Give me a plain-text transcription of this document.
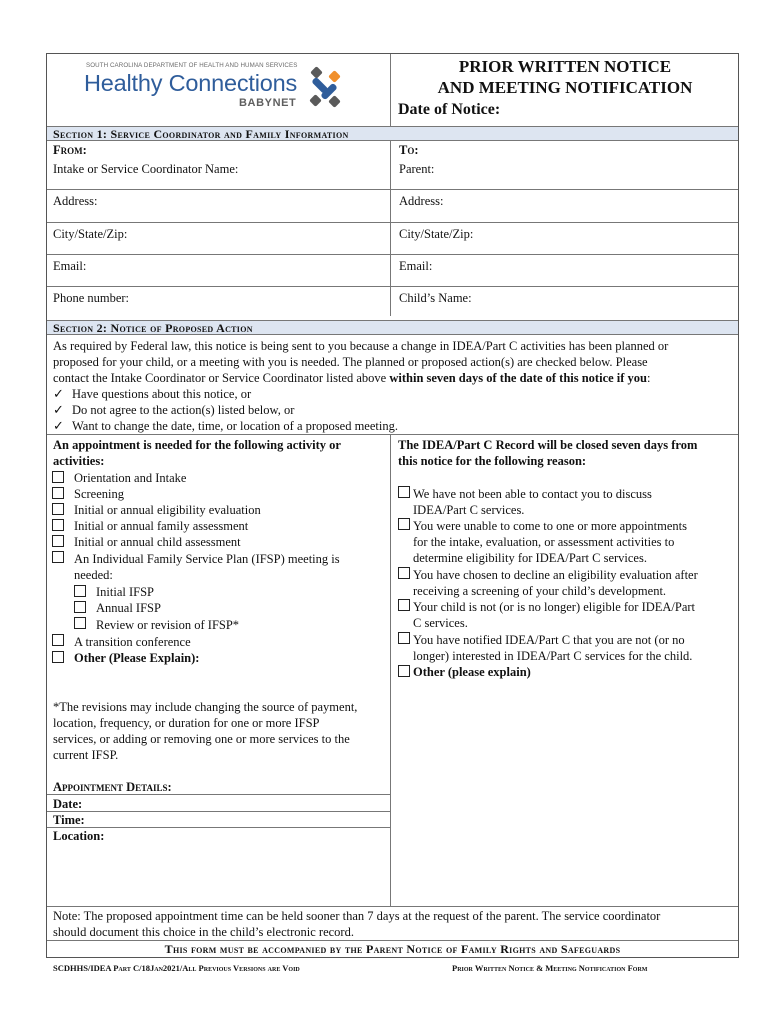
SOUTH CAROLINA DEPARTMENT OF HEALTH AND HUMAN SERVICES
Healthy Connections
BABYNET
PRIOR WRITTEN NOTICE
AND MEETING NOTIFICATION
Date of Notice:
Section 1: Service Coordinator and Family Information
From:	To:
Intake or Service Coordinator Name:	Parent:
Address:	Address:
City/State/Zip:	City/State/Zip:
Email:	Email:
Phone number:	Child’s Name:
Section 2: Notice of Proposed Action
As required by Federal law, this notice is being sent to you because a change in IDEA/Part C activities has been planned or
proposed for your child, or a meeting with you is needed. The planned or proposed action(s) are checked below. Please
contact the Intake Coordinator or Service Coordinator listed above within seven days of the date of this notice if you:
✓ Have questions about this notice, or
✓ Do not agree to the action(s) listed below, or
✓ Want to change the date, time, or location of a proposed meeting.
An appointment is needed for the following activity or
activities:
Orientation and Intake
Screening
Initial or annual eligibility evaluation
Initial or annual family assessment
Initial or annual child assessment
An Individual Family Service Plan (IFSP) meeting is
needed:
Initial IFSP
Annual IFSP
Review or revision of IFSP*
A transition conference
Other (Please Explain):
*The revisions may include changing the source of payment,
location, frequency, or duration for one or more IFSP
services, or adding or removing one or more services to the
current IFSP.
Appointment Details:
Date:
Time:
Location:
The IDEA/Part C Record will be closed seven days from
this notice for the following reason:
We have not been able to contact you to discuss
IDEA/Part C services.
You were unable to come to one or more appointments
for the intake, evaluation, or assessment activities to
determine eligibility for IDEA/Part C services.
You have chosen to decline an eligibility evaluation after
receiving a screening of your child’s development.
Your child is not (or is no longer) eligible for IDEA/Part
C services.
You have notified IDEA/Part C that you are not (or no
longer) interested in IDEA/Part C services for the child.
Other (please explain)
Note: The proposed appointment time can be held sooner than 7 days at the request of the parent. The service coordinator
should document this choice in the child’s electronic record.
This form must be accompanied by the Parent Notice of Family Rights and Safeguards
SCDHHS/IDEA Part C/18Jan2021/All Previous Versions are Void	Prior Written Notice & Meeting Notification Form
